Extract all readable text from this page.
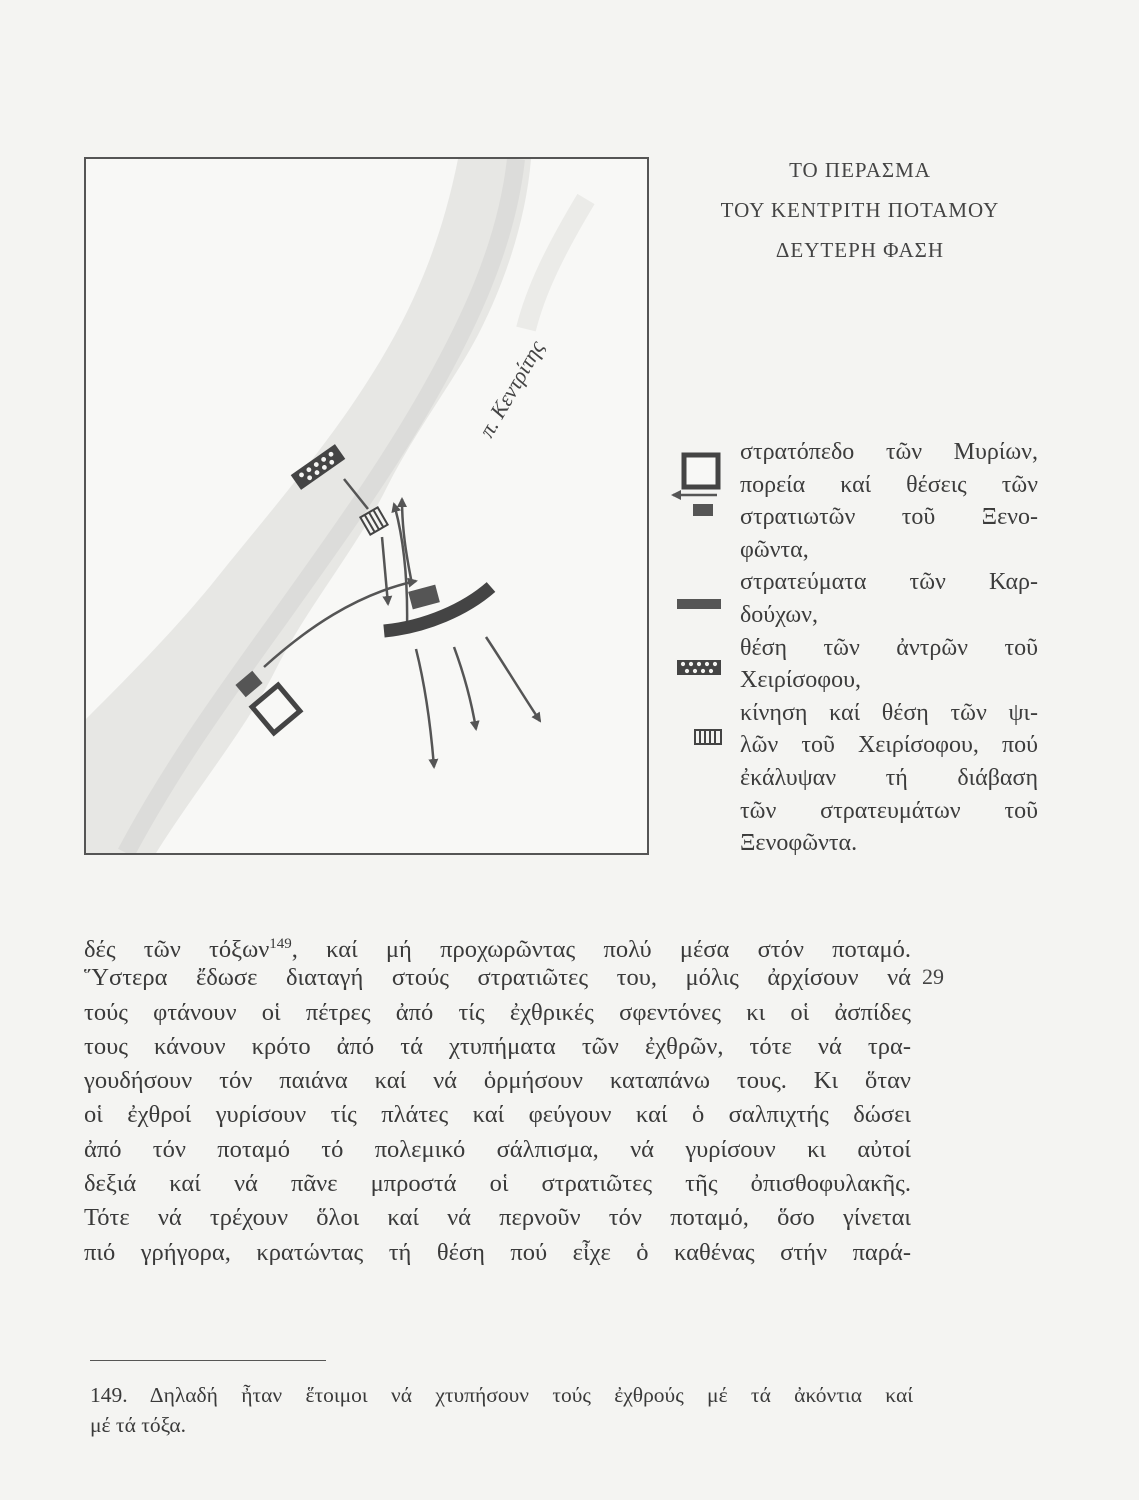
π. Κεντρίτης
ΤΟ ΠΕΡΑΣΜΑ
ΤΟΥ ΚΕΝΤΡΙΤΗ ΠΟΤΑΜΟΥ
ΔΕΥΤΕΡΗ ΦΑΣΗ
στρατόπεδο τῶν Μυρίων,
πορεία καί θέσεις τῶν
στρατιωτῶν τοῦ Ξενο-
φῶντα,
στρατεύματα τῶν Καρ-
δούχων,
θέση τῶν ἀντρῶν τοῦ
Χειρίσοφου,
κίνηση καί θέση τῶν ψι-
λῶν τοῦ Χειρίσοφου, πού
ἐκάλυψαν τή διάβαση
τῶν στρατευμάτων τοῦ
Ξενοφῶντα.
δές τῶν τόξων$^{149}$, καί μή προχωρῶντας πολύ μέσα στόν ποταμό.
Ὕστερα ἔδωσε διαταγή στούς στρατιῶτες του, μόλις ἀρχίσουν νά
τούς φτάνουν οἱ πέτρες ἀπό τίς ἐχθρικές σφεντόνες κι οἱ ἀσπίδες
τους κάνουν κρότο ἀπό τά χτυπήματα τῶν ἐχθρῶν, τότε νά τρα-
γουδήσουν τόν παιάνα καί νά ὁρμήσουν καταπάνω τους. Κι ὅταν
οἱ ἐχθροί γυρίσουν τίς πλάτες καί φεύγουν καί ὁ σαλπιχτής δώσει
ἀπό τόν ποταμό τό πολεμικό σάλπισμα, νά γυρίσουν κι αὐτοί
δεξιά καί νά πᾶνε μπροστά οἱ στρατιῶτες τῆς ὀπισθοφυλακῆς.
Τότε νά τρέχουν ὅλοι καί νά περνοῦν τόν ποταμό, ὅσο γίνεται
πιό γρήγορα, κρατώντας τή θέση πού εἶχε ὁ καθένας στήν παρά-
29
149. Δηλαδή ἦταν ἕτοιμοι νά χτυπήσουν τούς ἐχθρούς μέ τά ἀκόντια καί
μέ τά τόξα.
